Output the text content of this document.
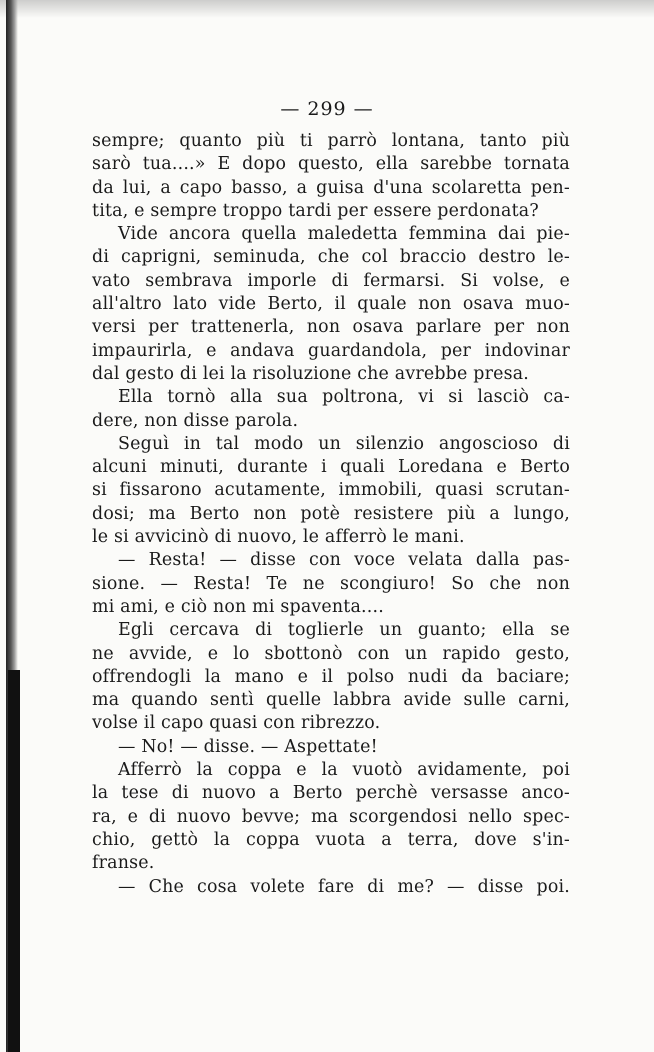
— 299 —
sempre; quanto più ti parrò lontana, tanto più
sarò tua....» E dopo questo, ella sarebbe tornata
da lui, a capo basso, a guisa d'una scolaretta pen-
tita, e sempre troppo tardi per essere perdonata?
Vide ancora quella maledetta femmina dai pie-
di caprigni, seminuda, che col braccio destro le-
vato sembrava imporle di fermarsi. Si volse, e
all'altro lato vide Berto, il quale non osava muo-
versi per trattenerla, non osava parlare per non
impaurirla, e andava guardandola, per indovinar
dal gesto di lei la risoluzione che avrebbe presa.
Ella tornò alla sua poltrona, vi si lasciò ca-
dere, non disse parola.
Seguì in tal modo un silenzio angoscioso di
alcuni minuti, durante i quali Loredana e Berto
si fissarono acutamente, immobili, quasi scrutan-
dosi; ma Berto non potè resistere più a lungo,
le si avvicinò di nuovo, le afferrò le mani.
— Resta! — disse con voce velata dalla pas-
sione. — Resta! Te ne scongiuro! So che non
mi ami, e ciò non mi spaventa....
Egli cercava di toglierle un guanto; ella se
ne avvide, e lo sbottonò con un rapido gesto,
offrendogli la mano e il polso nudi da baciare;
ma quando sentì quelle labbra avide sulle carni,
volse il capo quasi con ribrezzo.
— No! — disse. — Aspettate!
Afferrò la coppa e la vuotò avidamente, poi
la tese di nuovo a Berto perchè versasse anco-
ra, e di nuovo bevve; ma scorgendosi nello spec-
chio, gettò la coppa vuota a terra, dove s'in-
franse.
— Che cosa volete fare di me? — disse poi.
